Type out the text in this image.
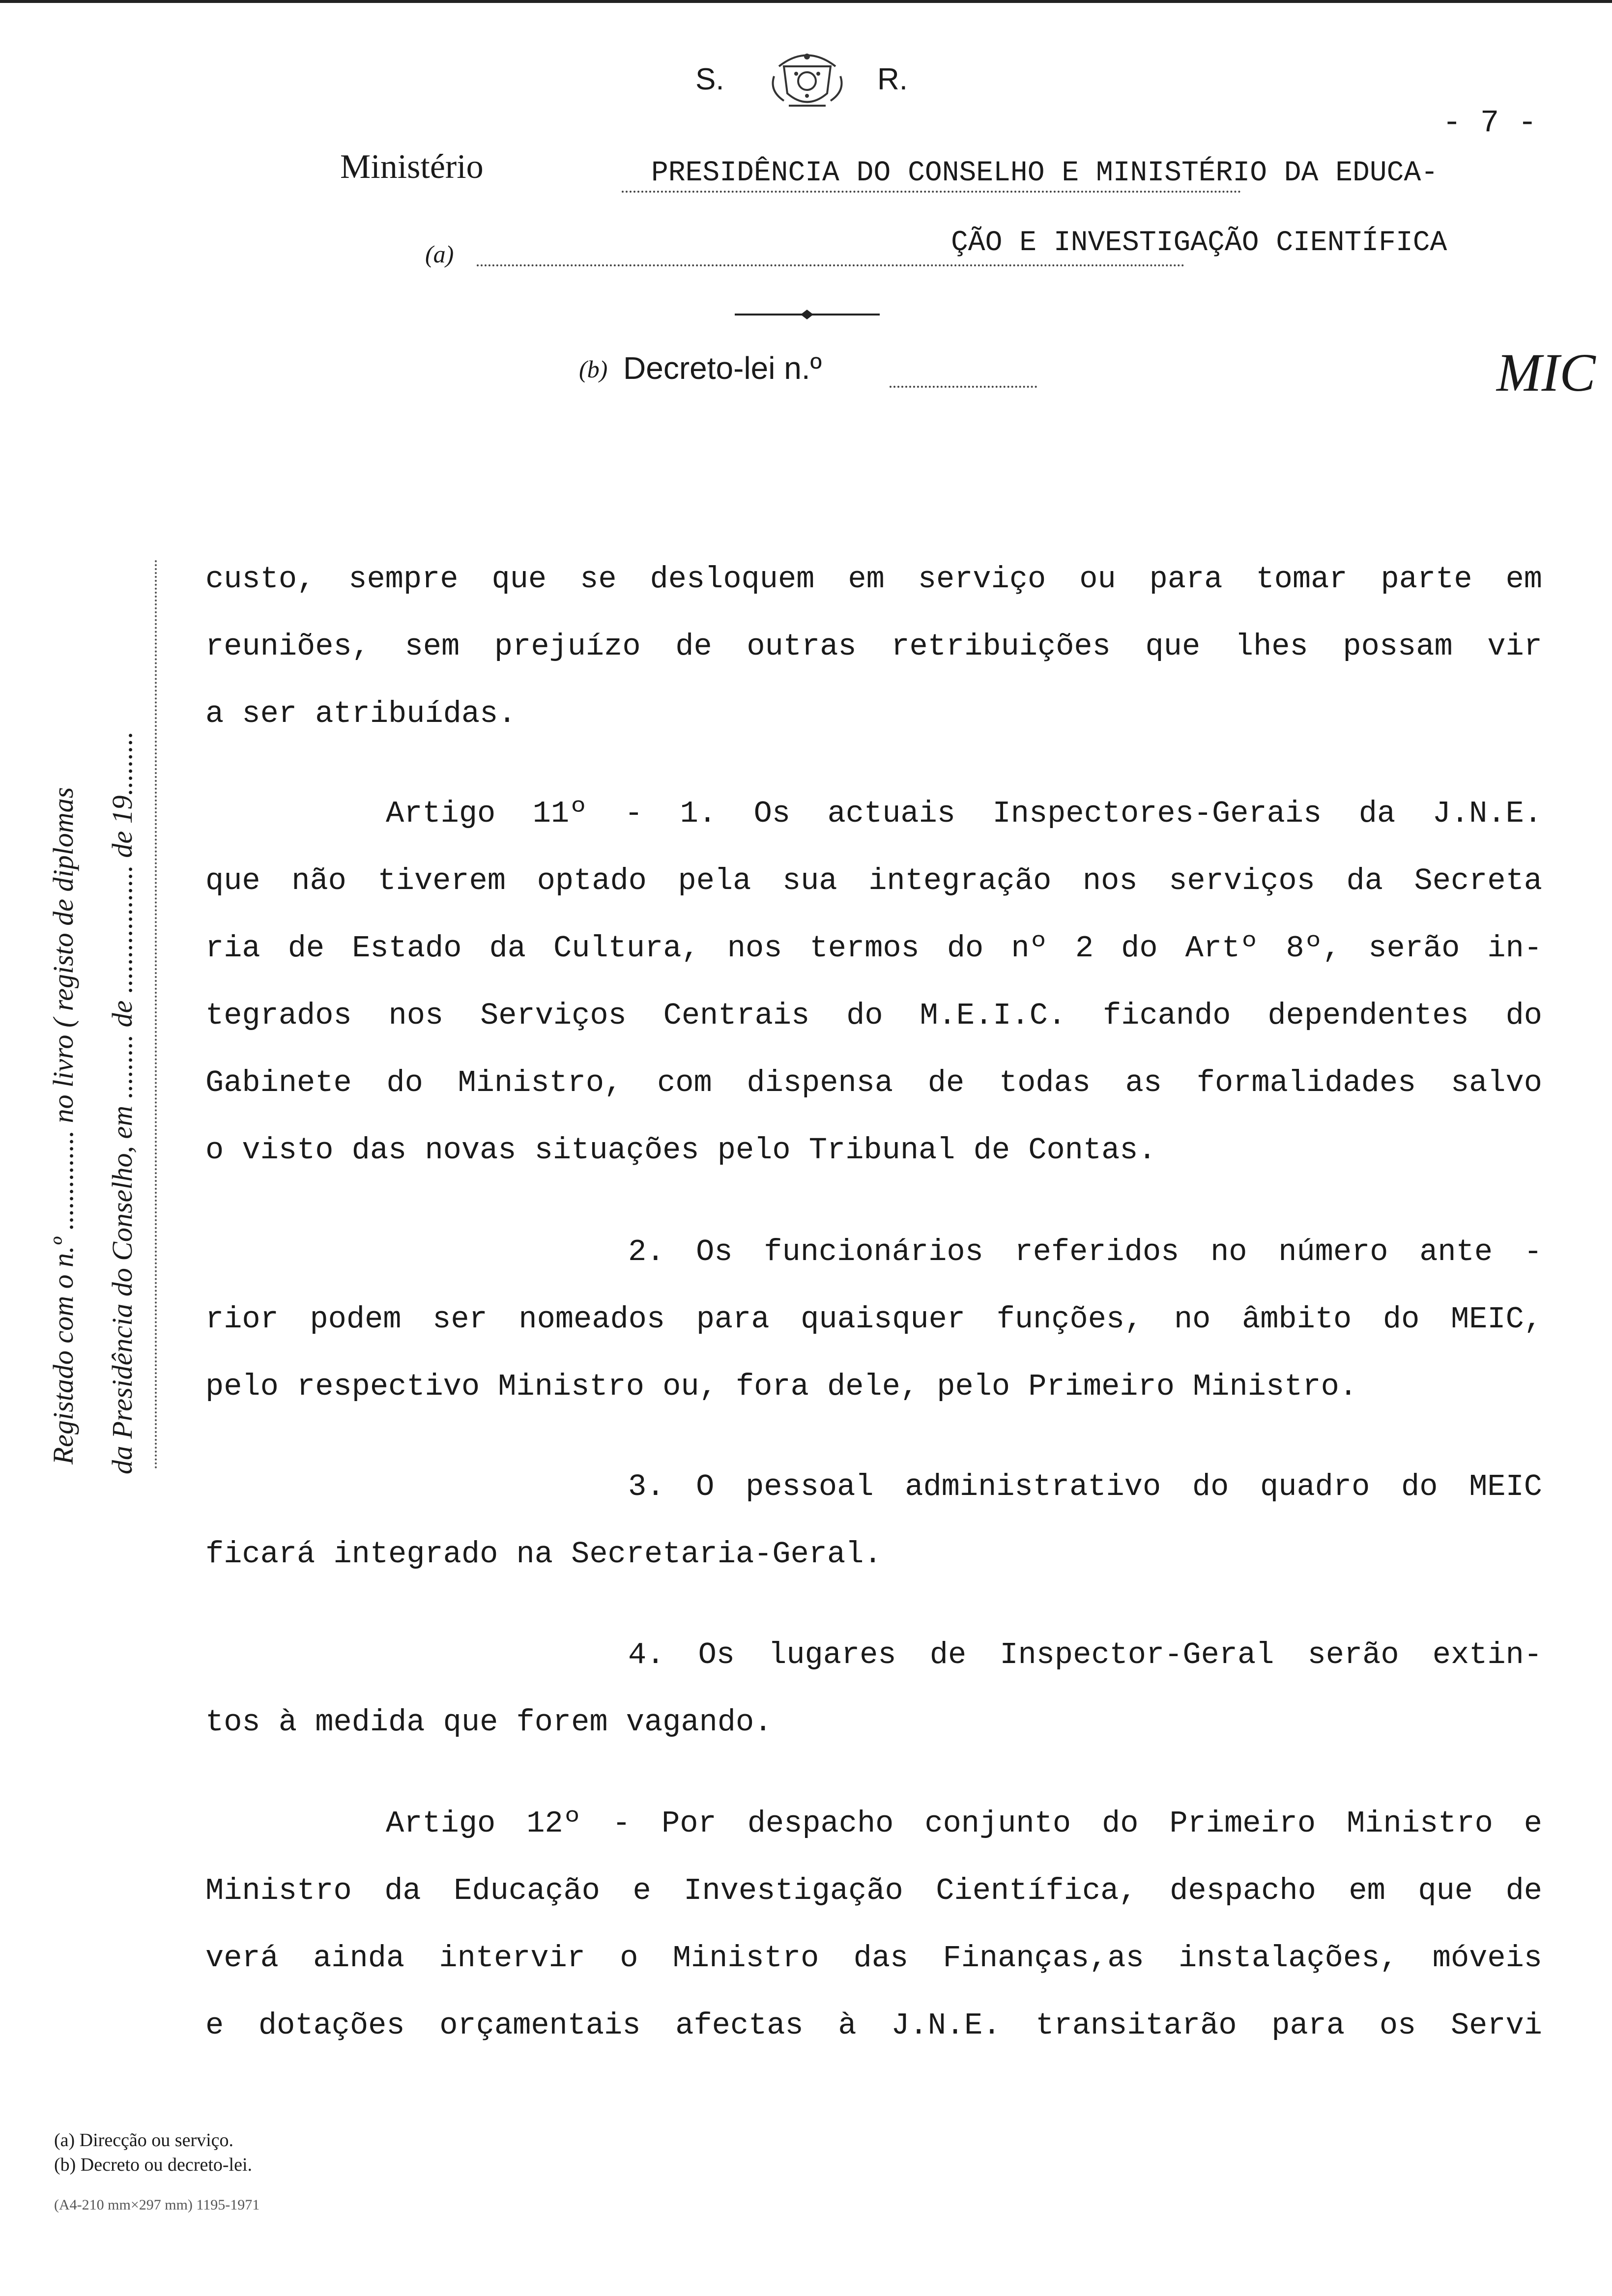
S.	R.
- 7 -
Ministério	PRESIDÊNCIA DO CONSELHO E MINISTÉRIO DA EDUCA-
(a)	ÇÃO E INVESTIGAÇÃO CIENTÍFICA
(b) Decreto-lei n.º	MIC
Registado com o n.º .............. no livro ( registo de diplomas da Presidência do Conselho, em ......... de .................. de 19.........
custo, sempre que se desloquem em serviço ou para tomar parte em
reuniões, sem prejuízo de outras retribuições que lhes possam vir
a ser atribuídas.
Artigo 11º - 1. Os actuais Inspectores-Gerais da J.N.E.
que não tiverem optado pela sua integração nos serviços da Secreta
ria de Estado da Cultura, nos termos do nº 2 do Artº 8º, serão in-
tegrados nos Serviços Centrais do M.E.I.C. ficando dependentes do
Gabinete do Ministro, com dispensa de todas as formalidades salvo
o visto das novas situações pelo Tribunal de Contas.
2. Os funcionários referidos no número ante -
rior podem ser nomeados para quaisquer funções, no âmbito do MEIC,
pelo respectivo Ministro ou, fora dele, pelo Primeiro Ministro.
3. O pessoal administrativo do quadro do MEIC
ficará integrado na Secretaria-Geral.
4. Os lugares de Inspector-Geral serão extin-
tos à medida que forem vagando.
Artigo 12º - Por despacho conjunto do Primeiro Ministro e
Ministro da Educação e Investigação Científica, despacho em que de
verá ainda intervir o Ministro das Finanças,as instalações, móveis
e dotações orçamentais afectas à J.N.E. transitarão para os Servi
(a) Direcção ou serviço.
(b) Decreto ou decreto-lei.
(A4-210 mm×297 mm) 1195-1971
